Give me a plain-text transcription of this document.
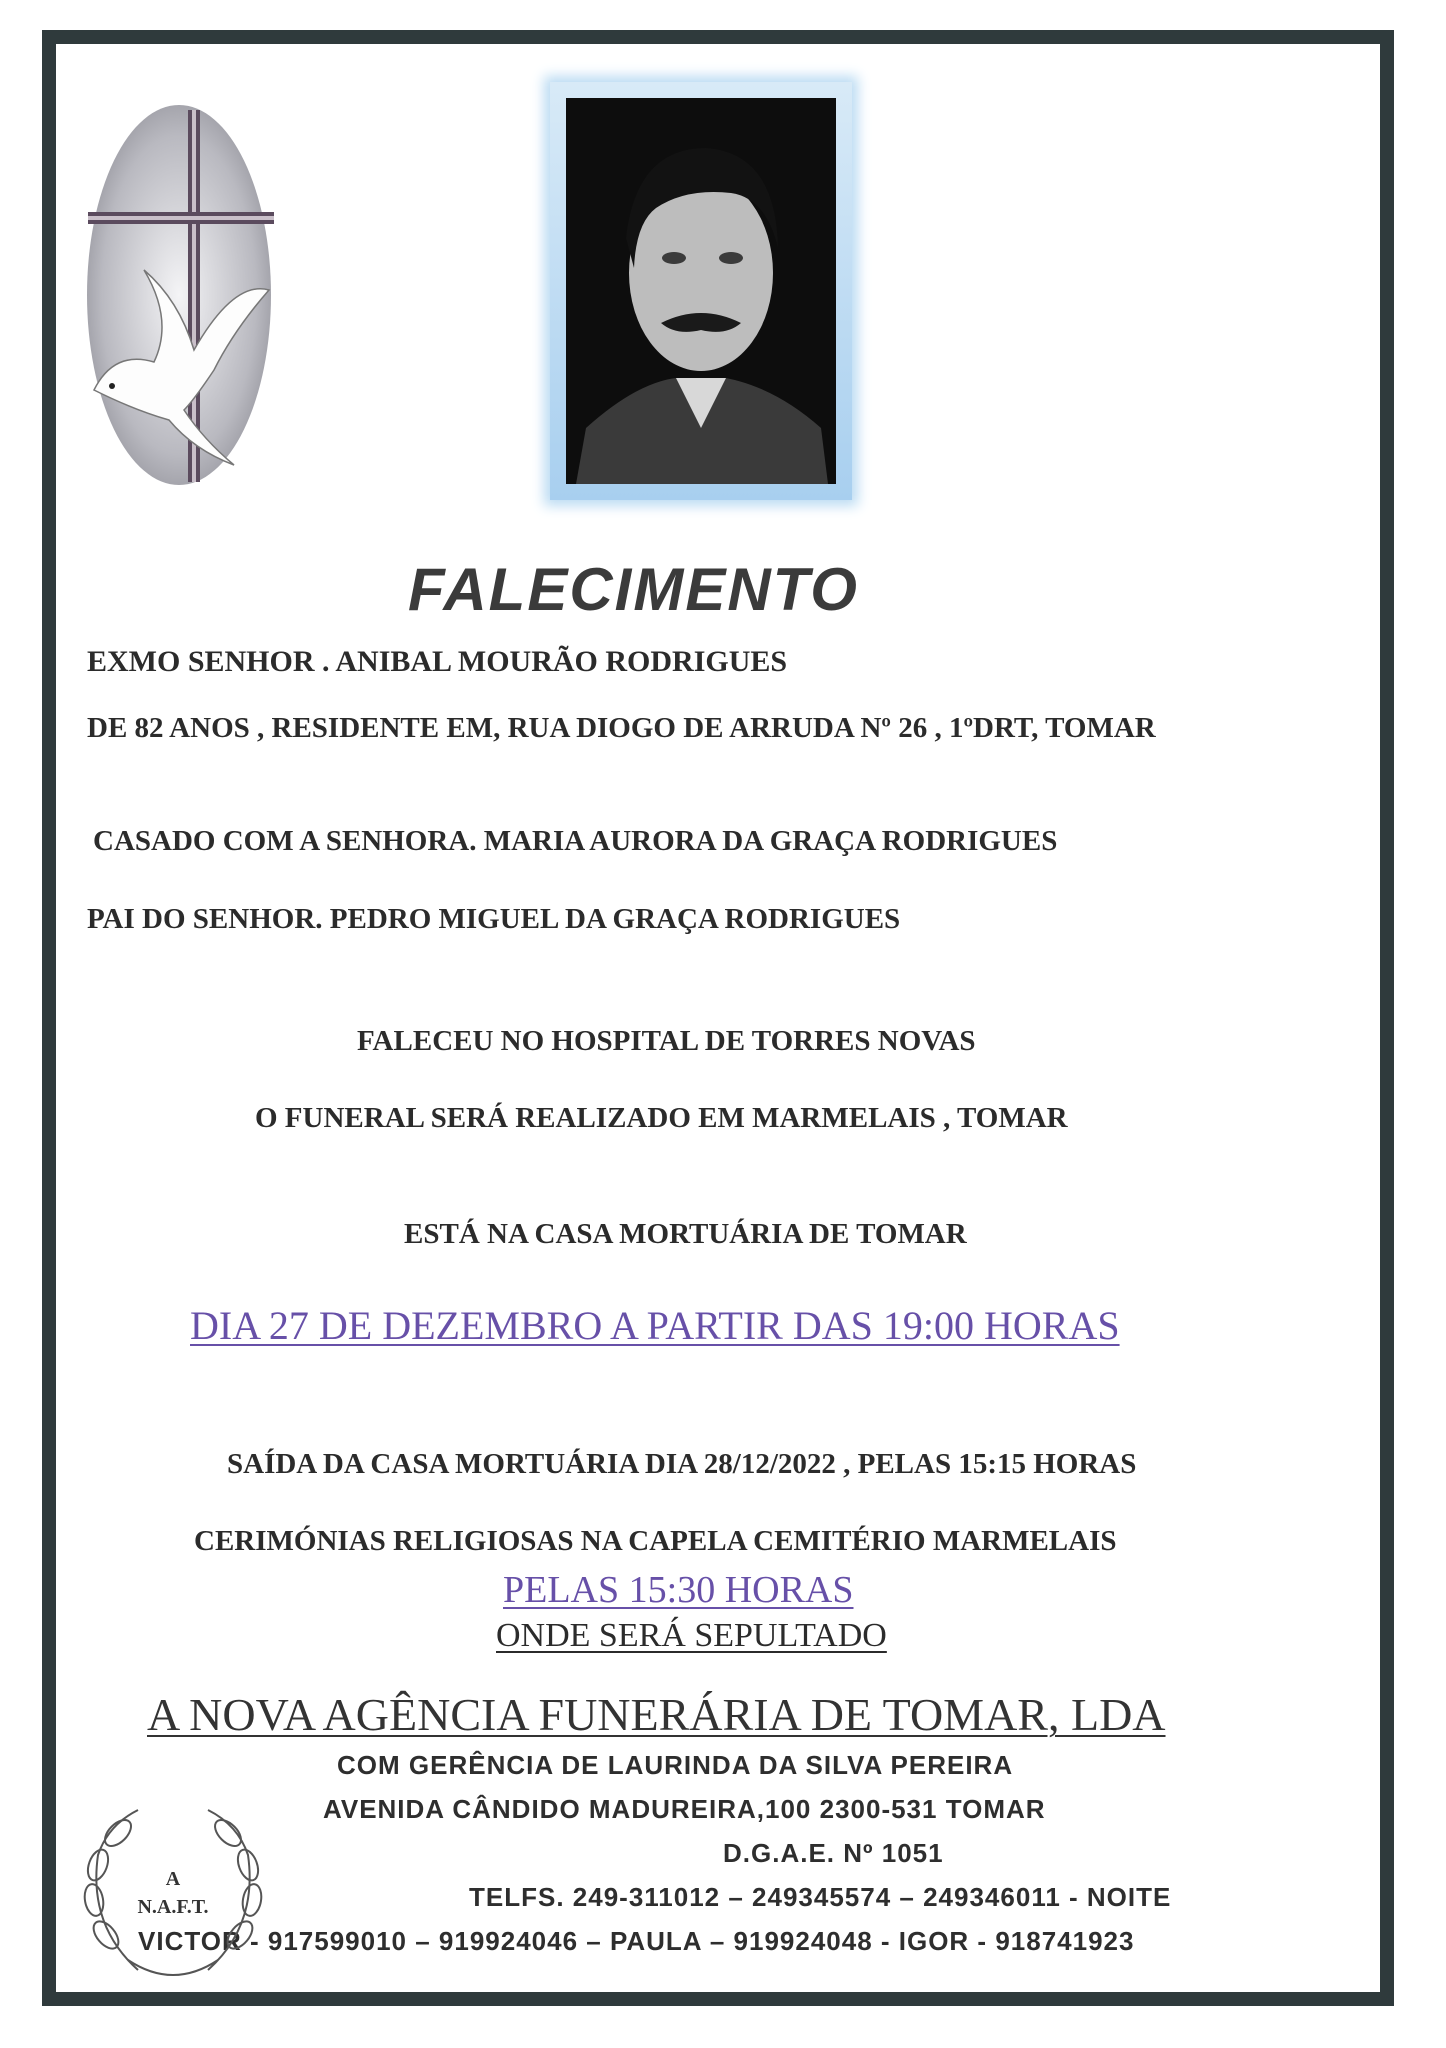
FALECIMENTO
EXMO SENHOR . ANIBAL MOURÃO RODRIGUES
DE 82 ANOS , RESIDENTE EM, RUA DIOGO DE ARRUDA Nº 26 , 1ºDRT, TOMAR
CASADO COM A SENHORA. MARIA AURORA DA GRAÇA RODRIGUES
PAI DO SENHOR. PEDRO MIGUEL DA GRAÇA RODRIGUES
FALECEU NO HOSPITAL DE TORRES NOVAS
O FUNERAL SERÁ REALIZADO EM MARMELAIS , TOMAR
ESTÁ NA CASA MORTUÁRIA DE TOMAR
DIA 27 DE DEZEMBRO A PARTIR DAS 19:00 HORAS
SAÍDA DA CASA MORTUÁRIA DIA 28/12/2022 , PELAS 15:15 HORAS
CERIMÓNIAS RELIGIOSAS NA CAPELA CEMITÉRIO MARMELAIS
PELAS 15:30 HORAS
ONDE SERÁ SEPULTADO
A NOVA AGÊNCIA FUNERÁRIA DE TOMAR, LDA
COM GERÊNCIA DE LAURINDA DA SILVA PEREIRA
AVENIDA CÂNDIDO MADUREIRA,100 2300-531 TOMAR
D.G.A.E. Nº 1051
TELFS. 249-311012 – 249345574 – 249346011 - NOITE
VICTOR - 917599010 – 919924046 – PAULA – 919924048 - IGOR - 918741923
A
N.A.F.T.
